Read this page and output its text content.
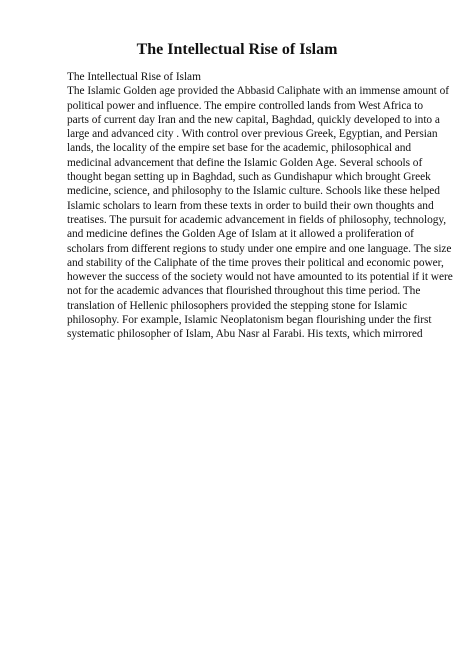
The Intellectual Rise of Islam
The Intellectual Rise of Islam
The Islamic Golden age provided the Abbasid Caliphate with an immense amount of
political power and influence. The empire controlled lands from West Africa to
parts of current day Iran and the new capital, Baghdad, quickly developed to into a
large and advanced city . With control over previous Greek, Egyptian, and Persian
lands, the locality of the empire set base for the academic, philosophical and
medicinal advancement that define the Islamic Golden Age. Several schools of
thought began setting up in Baghdad, such as Gundishapur which brought Greek
medicine, science, and philosophy to the Islamic culture. Schools like these helped
Islamic scholars to learn from these texts in order to build their own thoughts and
treatises. The pursuit for academic advancement in fields of philosophy, technology,
and medicine defines the Golden Age of Islam at it allowed a proliferation of
scholars from different regions to study under one empire and one language. The size
and stability of the Caliphate of the time proves their political and economic power,
however the success of the society would not have amounted to its potential if it were
not for the academic advances that flourished throughout this time period. The
translation of Hellenic philosophers provided the stepping stone for Islamic
philosophy. For example, Islamic Neoplatonism began flourishing under the first
systematic philosopher of Islam, Abu Nasr al Farabi. His texts, which mirrored
